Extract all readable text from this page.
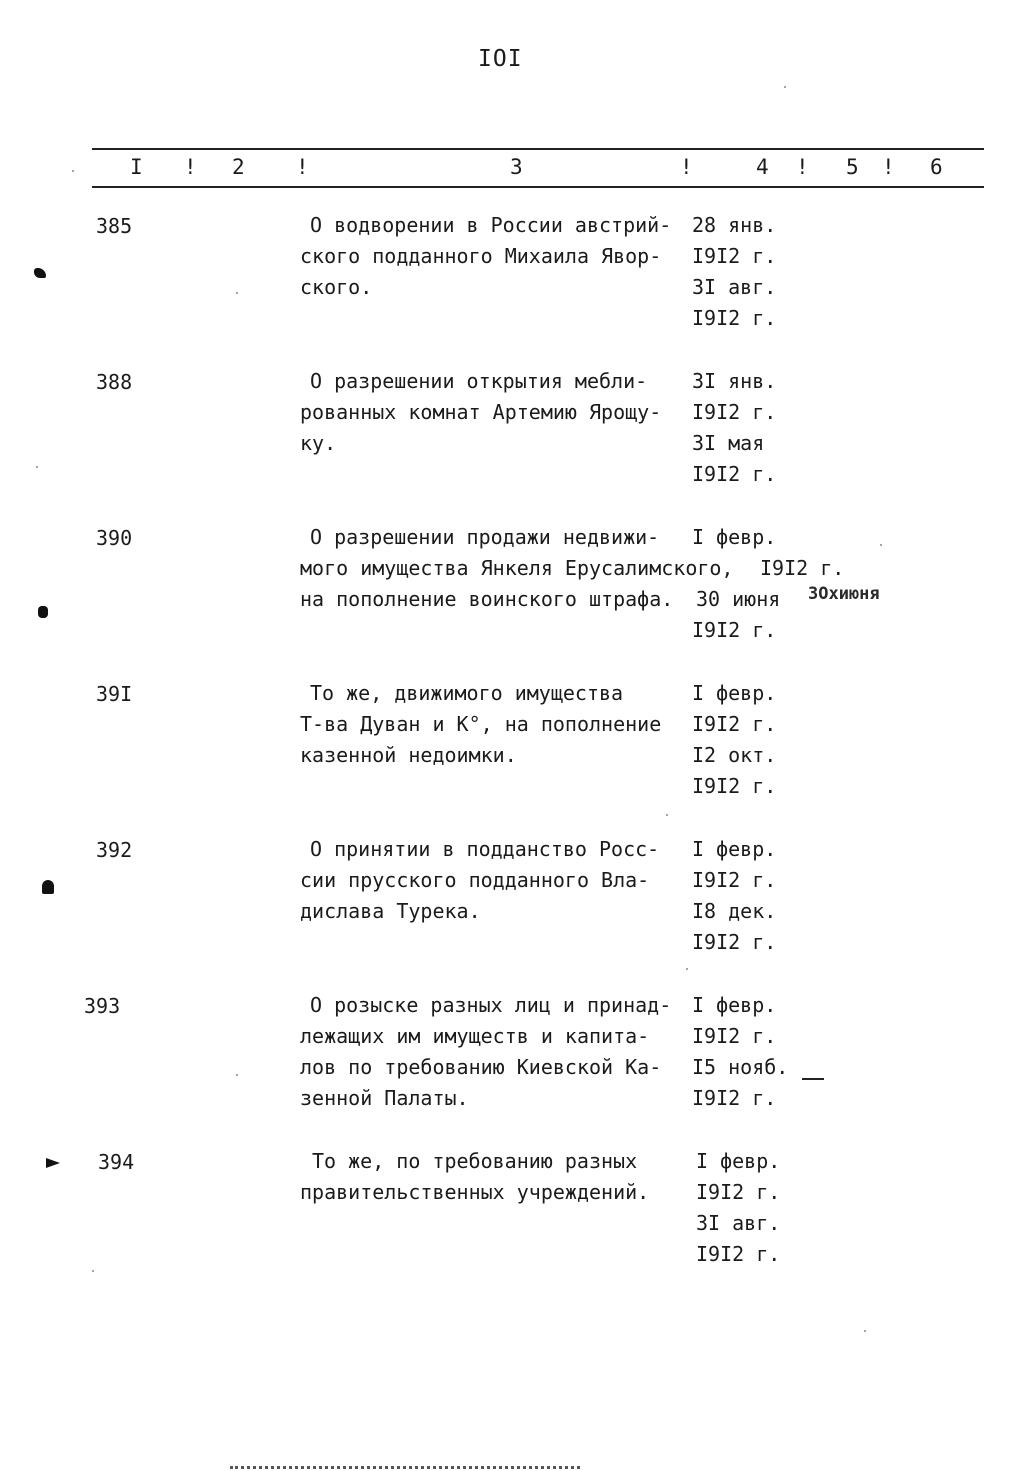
IOI
I ! 2 !	3	!	4 ! 5 ! 6
385	О водворении в России австрий-
ского подданного Михаила Явор-
ского.
28 янв.
I9I2 г.
3I авг.
I9I2 г.
388	О разрешении открытия мебли-
рованных комнат Артемию Ярощу-
ку.
3I янв.
I9I2 г.
3I мая
I9I2 г.
390	О разрешении продажи недвижи-
мого имущества Янкеля Ерусалимского,
на пополнение воинского штрафа.
I февр.
I9I2 г.
30 июня
I9I2 г.
ЗОхиюня
39I	То же, движимого имущества
Т-ва Дуван и К°, на пополнение
казенной недоимки.
I февр.
I9I2 г.
I2 окт.
I9I2 г.
392	О принятии в подданство Росс-
сии прусского подданного Вла-
дислава Турека.
I февр.
I9I2 г.
I8 дек.
I9I2 г.
393	О розыске разных лиц и принад-
лежащих им имуществ и капита-
лов по требованию Киевской Ка-
зенной Палаты.
I февр.
I9I2 г.
I5 нояб.
I9I2 г.
394	То же, по требованию разных
правительственных учреждений.
I февр.
I9I2 г.
3I авг.
I9I2 г.
